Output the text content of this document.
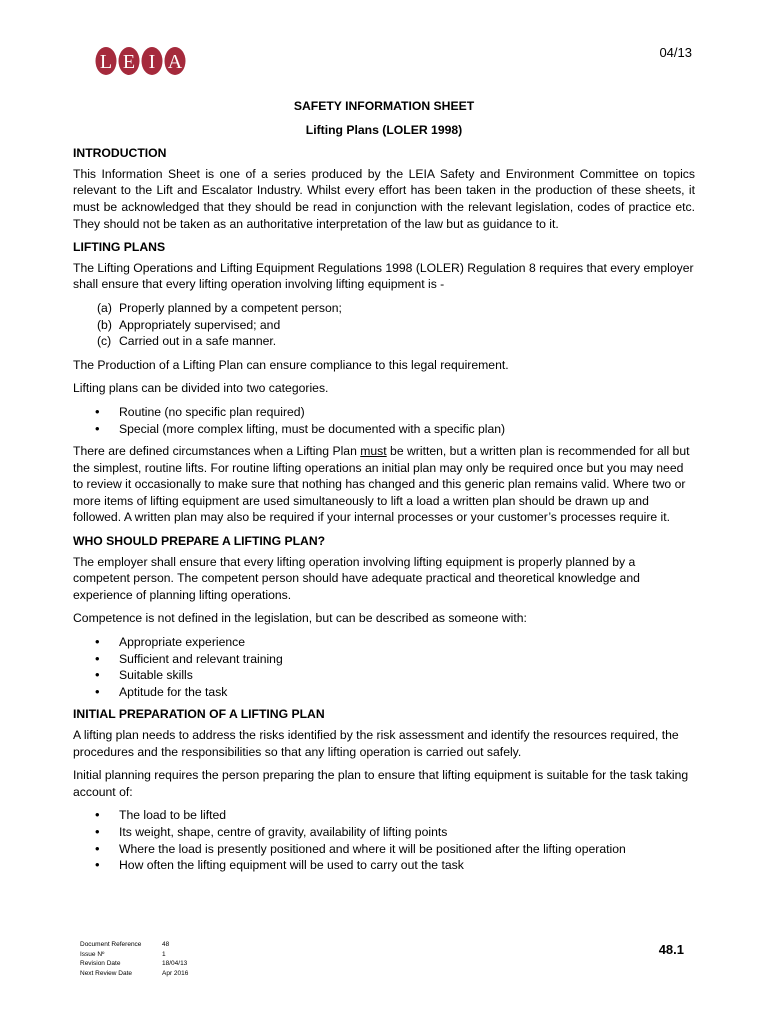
L E I A	04/13
SAFETY INFORMATION SHEET
Lifting Plans (LOLER 1998)
INTRODUCTION

This Information Sheet is one of a series produced by the LEIA Safety and Environment Committee on topics relevant to the Lift and Escalator Industry. Whilst every effort has been taken in the production of these sheets, it must be acknowledged that they should be read in conjunction with the relevant legislation, codes of practice etc. They should not be taken as an authoritative interpretation of the law but as guidance to it.

LIFTING PLANS

The Lifting Operations and Lifting Equipment Regulations 1998 (LOLER) Regulation 8 requires that every employer shall ensure that every lifting operation involving lifting equipment is -

(a) Properly planned by a competent person;
(b) Appropriately supervised; and
(c) Carried out in a safe manner.

The Production of a Lifting Plan can ensure compliance to this legal requirement.

Lifting plans can be divided into two categories.

• Routine (no specific plan required)
• Special (more complex lifting, must be documented with a specific plan)

There are defined circumstances when a Lifting Plan must be written, but a written plan is recommended for all but the simplest, routine lifts. For routine lifting operations an initial plan may only be required once but you may need to review it occasionally to make sure that nothing has changed and this generic plan remains valid. Where two or more items of lifting equipment are used simultaneously to lift a load a written plan should be drawn up and followed. A written plan may also be required if your internal processes or your customer’s processes require it.

WHO SHOULD PREPARE A LIFTING PLAN?

The employer shall ensure that every lifting operation involving lifting equipment is properly planned by a competent person. The competent person should have adequate practical and theoretical knowledge and experience of planning lifting operations.

Competence is not defined in the legislation, but can be described as someone with:

• Appropriate experience
• Sufficient and relevant training
• Suitable skills
• Aptitude for the task
INITIAL PREPARATION OF A LIFTING PLAN

A lifting plan needs to address the risks identified by the risk assessment and identify the resources required, the procedures and the responsibilities so that any lifting operation is carried out safely.

Initial planning requires the person preparing the plan to ensure that lifting equipment is suitable for the task taking account of:

• The load to be lifted
• Its weight, shape, centre of gravity, availability of lifting points
• Where the load is presently positioned and where it will be positioned after the lifting operation
• How often the lifting equipment will be used to carry out the task
Document Reference	48
Issue Nº	1
Revision Date	18/04/13
Next Review Date	Apr 2016
48.1
